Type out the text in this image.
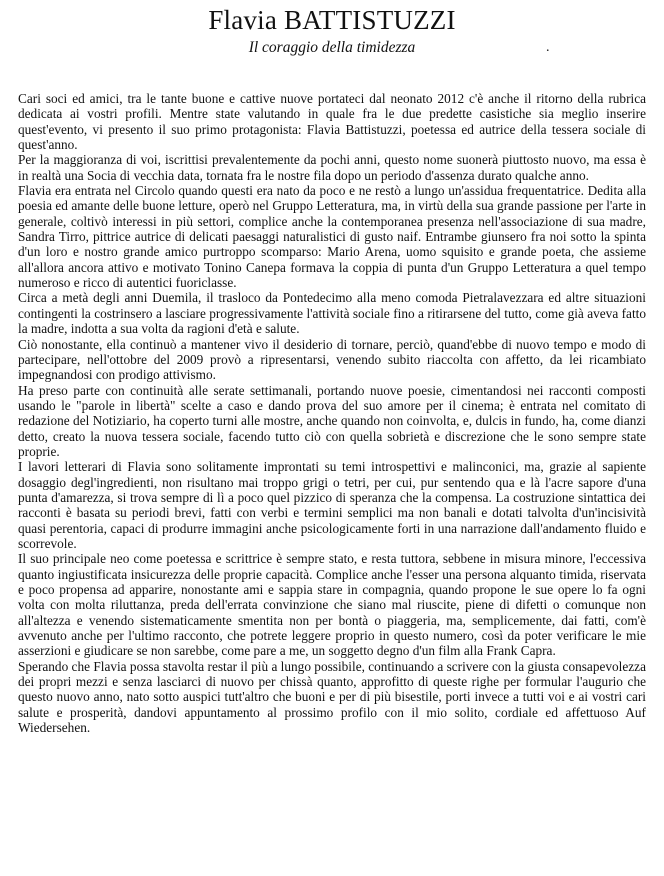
Flavia BATTISTUZZI
Il coraggio della timidezza	.

Cari soci ed amici, tra le tante buone e cattive nuove portateci dal neonato 2012 c'è anche il ritorno della rubrica dedicata ai vostri profili. Mentre state valutando in quale fra le due predette casistiche sia meglio inserire quest'evento, vi presento il suo primo protagonista: Flavia Battistuzzi, poetessa ed autrice della tessera sociale di quest'anno.

Per la maggioranza di voi, iscrittisi prevalentemente da pochi anni, questo nome suonerà piuttosto nuovo, ma essa è in realtà una Socia di vecchia data, tornata fra le nostre fila dopo un periodo d'assenza durato qualche anno.

Flavia era entrata nel Circolo quando questi era nato da poco e ne restò a lungo un'assidua frequentatrice. Dedita alla poesia ed amante delle buone letture, operò nel Gruppo Letteratura, ma, in virtù della sua grande passione per l'arte in generale, coltivò interessi in più settori, complice anche la contemporanea presenza nell'associazione di sua madre, Sandra Tirro, pittrice autrice di delicati paesaggi naturalistici di gusto naif. Entrambe giunsero fra noi sotto la spinta d'un loro e nostro grande amico purtroppo scomparso: Mario Arena, uomo squisito e grande poeta, che assieme all'allora ancora attivo e motivato Tonino Canepa formava la coppia di punta d'un Gruppo Letteratura a quel tempo numeroso e ricco di autentici fuoriclasse.

Circa a metà degli anni Duemila, il trasloco da Pontedecimo alla meno comoda Pietralavezzara ed altre situazioni contingenti la costrinsero a lasciare progressivamente l'attività sociale fino a ritirarsene del tutto, come già aveva fatto la madre, indotta a sua volta da ragioni d'età e salute.

Ciò nonostante, ella continuò a mantener vivo il desiderio di tornare, perciò, quand'ebbe di nuovo tempo e modo di partecipare, nell'ottobre del 2009 provò a ripresentarsi, venendo subito riaccolta con affetto, da lei ricambiato impegnandosi con prodigo attivismo.

Ha preso parte con continuità alle serate settimanali, portando nuove poesie, cimentandosi nei racconti composti usando le "parole in libertà" scelte a caso e dando prova del suo amore per il cinema; è entrata nel comitato di redazione del Notiziario, ha coperto turni alle mostre, anche quando non coinvolta, e, dulcis in fundo, ha, come dianzi detto, creato la nuova tessera sociale, facendo tutto ciò con quella sobrietà e discrezione che le sono sempre state proprie.

I lavori letterari di Flavia sono solitamente improntati su temi introspettivi e malinconici, ma, grazie al sapiente dosaggio degl'ingredienti, non risultano mai troppo grigi o tetri, per cui, pur sentendo qua e là l'acre sapore d'una punta d'amarezza, si trova sempre di lì a poco quel pizzico di speranza che la compensa. La costruzione sintattica dei racconti è basata su periodi brevi, fatti con verbi e termini semplici ma non banali e dotati talvolta d'un'incisività quasi perentoria, capaci di produrre immagini anche psicologicamente forti in una narrazione dall'andamento fluido e scorrevole.

Il suo principale neo come poetessa e scrittrice è sempre stato, e resta tuttora, sebbene in misura minore, l'eccessiva quanto ingiustificata insicurezza delle proprie capacità. Complice anche l'esser una persona alquanto timida, riservata e poco propensa ad apparire, nonostante ami e sappia stare in compagnia, quando propone le sue opere lo fa ogni volta con molta riluttanza, preda dell'errata convinzione che siano mal riuscite, piene di difetti o comunque non all'altezza e venendo sistematicamente smentita non per bontà o piaggeria, ma, semplicemente, dai fatti, com'è avvenuto anche per l'ultimo racconto, che potrete leggere proprio in questo numero, così da poter verificare le mie asserzioni e giudicare se non sarebbe, come pare a me, un soggetto degno d'un film alla Frank Capra.

Sperando che Flavia possa stavolta restar il più a lungo possibile, continuando a scrivere con la giusta consapevolezza dei propri mezzi e senza lasciarci di nuovo per chissà quanto, approfitto di queste righe per formular l'augurio che questo nuovo anno, nato sotto auspici tutt'altro che buoni e per di più bisestile, porti invece a tutti voi e ai vostri cari salute e prosperità, dandovi appuntamento al prossimo profilo con il mio solito, cordiale ed affettuoso Auf Wiedersehen.
